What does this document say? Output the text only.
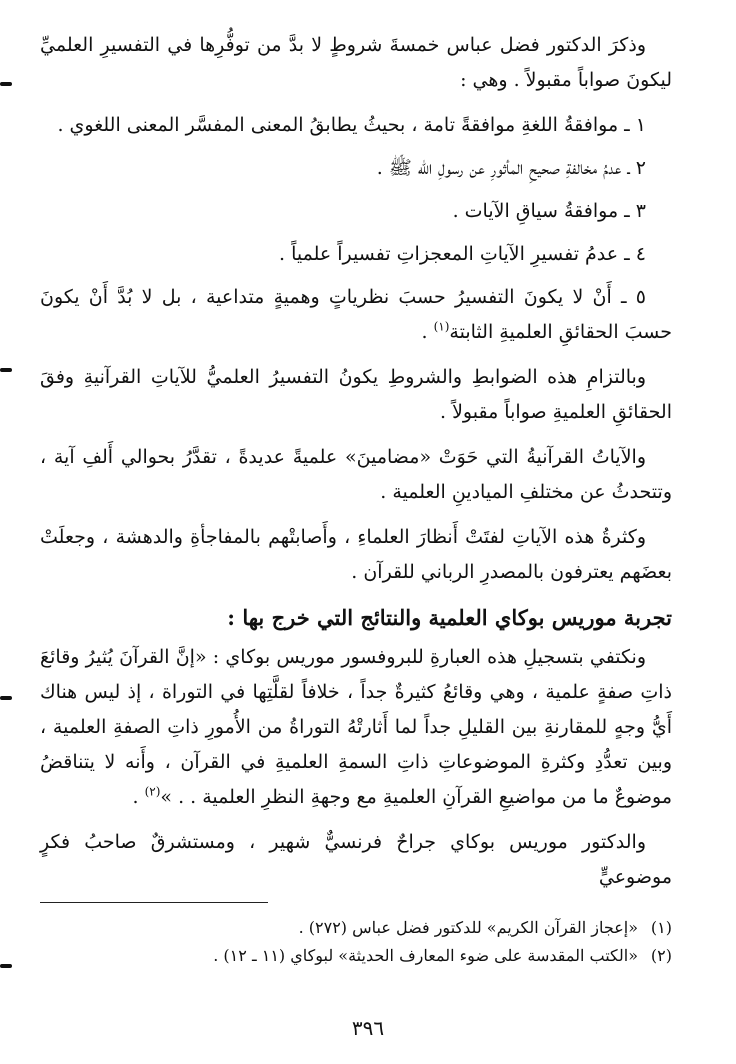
وذكرَ الدكتور فضل عباس خمسةَ شروطٍ لا بدَّ من توفُّرِها في التفسيرِ العلميِّ ليكونَ صواباً مقبولاً . وهي :

١ ـ موافقةُ اللغةِ موافقةً تامة ، بحيثُ يطابقُ المعنى المفسَّر المعنى اللغوي .

٢ ـ عدمُ مخالفةِ صحيحِ المأثورِ عن رسولِ الله ﷺ .

٣ ـ موافقةُ سياقِ الآيات .

٤ ـ عدمُ تفسيرِ الآياتِ المعجزاتِ تفسيراً علمياً .

٥ ـ أَنْ لا يكونَ التفسيرُ حسبَ نظرياتٍ وهميةٍ متداعية ، بل لا بُدَّ أَنْ يكونَ حسبَ الحقائقِ العلميةِ الثابتة$^{(١)}$ .

وبالتزامِ هذه الضوابطِ والشروطِ يكونُ التفسيرُ العلميُّ للآياتِ القرآنيةِ وفقَ الحقائقِ العلميةِ صواباً مقبولاً .

والآياتُ القرآنيةُ التي حَوَتْ «مضامينَ» علميةً عديدةً ، تقدَّرُ بحوالي أَلفِ آية ، وتتحدثُ عن مختلفِ الميادينِ العلمية .

وكثرةُ هذه الآياتِ لفتَتْ أَنظارَ العلماءِ ، وأَصابتْهم بالمفاجأةِ والدهشة ، وجعلَتْ بعضَهم يعترفون بالمصدرِ الرباني للقرآن .

تجربة موريس بوكاي العلمية والنتائج التي خرج بها :

ونكتفي بتسجيلِ هذه العبارةِ للبروفسور موريس بوكاي : «إنَّ القرآنَ يُثيرُ وقائعَ ذاتِ صفةٍ علمية ، وهي وقائعُ كثيرةٌ جداً ، خلافاً لقلَّتِها في التوراة ، إذ ليس هناك أَيُّ وجهٍ للمقارنةِ بين القليلِ جداً لما أَثارتْهُ التوراةُ من الأُمورِ ذاتِ الصفةِ العلمية ، وبين تعدُّدِ وكثرةِ الموضوعاتِ ذاتِ السمةِ العلميةِ في القرآن ، وأَنه لا يتناقضُ موضوعٌ ما من مواضيعِ القرآنِ العلميةِ مع وجهةِ النظرِ العلمية . . »$^{(٢)}$ .

والدكتور موريس بوكاي جراحٌ فرنسيٌّ شهير ، ومستشرقٌ صاحبُ فكرٍ موضوعيٍّ

(١)«إعجاز القرآن الكريم» للدكتور فضل عباس (٢٧٢) .
(٢)«الكتب المقدسة على ضوء المعارف الحديثة» لبوكاي (١١ ـ ١٢) .
٣٩٦
